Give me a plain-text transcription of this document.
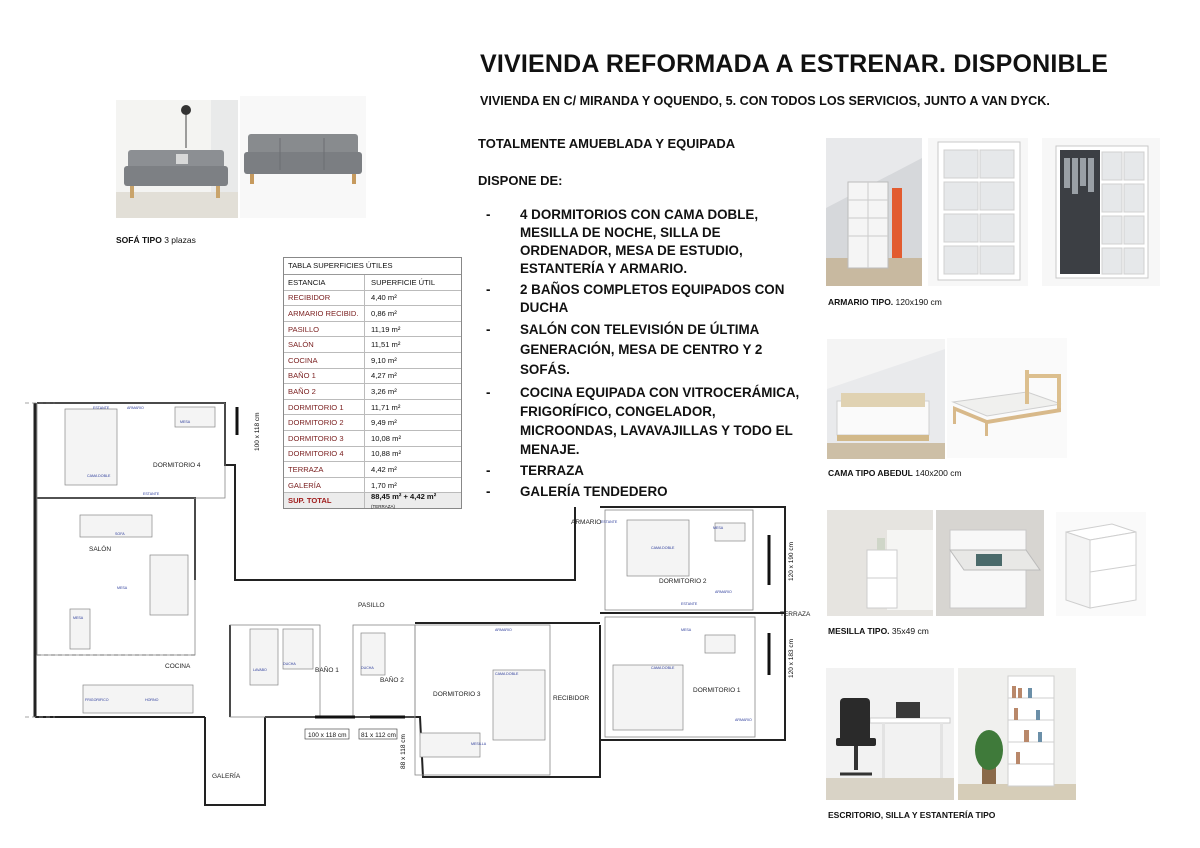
VIVIENDA REFORMADA A ESTRENAR. DISPONIBLE
VIVIENDA EN C/ MIRANDA Y OQUENDO, 5. CON TODOS LOS SERVICIOS, JUNTO A VAN DYCK.
TOTALMENTE AMUEBLADA Y EQUIPADA
DISPONE DE:
- 4 DORMITORIOS CON CAMA DOBLE, MESILLA DE NOCHE, SILLA DE ORDENADOR, MESA DE ESTUDIO, ESTANTERÍA Y ARMARIO.
- 2 BAÑOS COMPLETOS EQUIPADOS CON DUCHA
- SALÓN CON TELEVISIÓN DE ÚLTIMA GENERACIÓN, MESA DE CENTRO Y 2 SOFÁS.
- COCINA EQUIPADA CON VITROCERÁMICA, FRIGORÍFICO, CONGELADOR, MICROONDAS, LAVAVAJILLAS Y TODO EL MENAJE.
- TERRAZA
- GALERÍA TENDEDERO
SOFÁ TIPO 3 plazas
ARMARIO TIPO. 120x190 cm
CAMA TIPO ABEDUL 140x200 cm
MESILLA TIPO. 35x49 cm
ESCRITORIO, SILLA Y ESTANTERÍA TIPO
TABLA SUPERFICIES ÚTILES
ESTANCIA	SUPERFICIE ÚTIL
RECIBIDOR	4,40 m²
ARMARIO RECIBID.	0,86 m²
PASILLO	11,19 m²
SALÓN	11,51 m²
COCINA	9,10 m²
BAÑO 1	4,27 m²
BAÑO 2	3,26 m²
DORMITORIO 1	11,71 m²
DORMITORIO 2	9,49 m²
DORMITORIO 3	10,08 m²
DORMITORIO 4	10,88 m²
TERRAZA	4,42 m²
GALERÍA	1,70 m²
SUP. TOTAL	88,45 m² + 4,42 m² (TERRAZA)
DORMITORIO 4
SALÓN
PASILLO
COCINA
BAÑO 1
BAÑO 2
DORMITORIO 3
RECIBIDOR
DORMITORIO 2
DORMITORIO 1
TERRAZA
GALERÍA
ARMARIO
100 x 118 cm 81 x 112 cm
100 x 118 cm
120 x 190 cm
120 x 183 cm
88 x 118 cm
ESTANTE	ARMARIO
MESA
CAMA DOBLE
ESTANTE
SOFA
MESA
MESA
LAVABO
DUCHA
DUCHA
ARMARIO
CAMA DOBLE
MESILLA
ESTANTE
CAMA DOBLE
MESA
ARMARIO
ESTANTE
CAMA DOBLE
MESA
ARMARIO
FRIGORIFICO	HORNO
